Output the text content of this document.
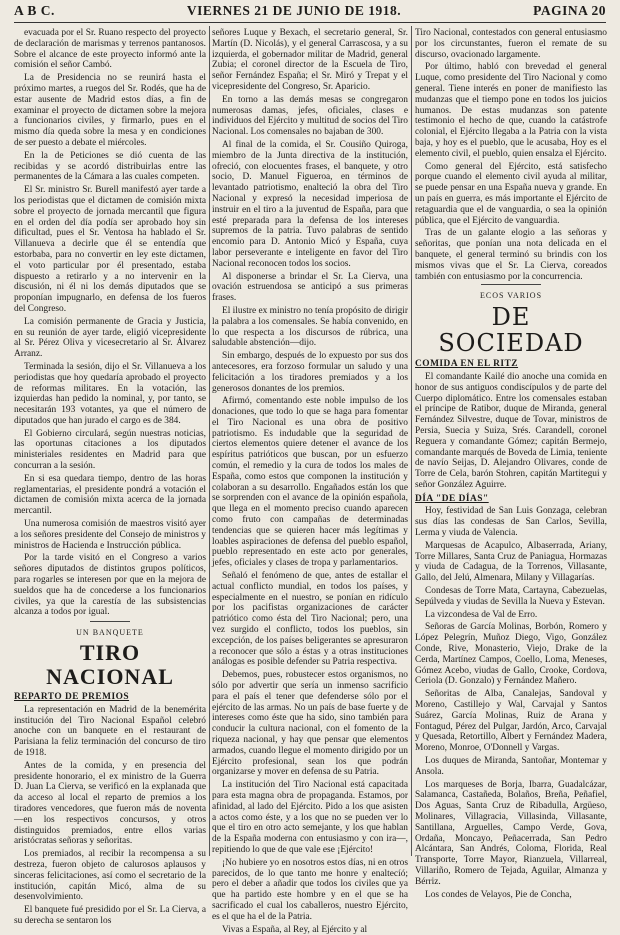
A B C.	VIERNES 21 DE JUNIO DE 1918.	PAGINA 20

evacuada por el Sr. Ruano respecto del proyecto de declaración de marismas y terrenos pantanosos. Sobre el alcance de este proyecto informó ante la comisión el señor Cambó.

La de Presidencia no se reunirá hasta el próximo martes, a ruegos del Sr. Rodés, que ha de estar ausente de Madrid estos días, a fin de examinar el proyecto de dictamen sobre la mejora a funcionarios civiles, y firmarlo, pues en el mismo día queda sobre la mesa y en condiciones de ser puesto a debate el miércoles.

En la de Peticiones se dió cuenta de las recibidas y se acordó distribuirlas entre las permanentes de la Cámara a las cuales competen.

El Sr. ministro Sr. Burell manifestó ayer tarde a los periodistas que el dictamen de comisión mixta sobre el proyecto de jornada mercantil que figura en el orden del día podía ser aprobado hoy sin dificultad, pues el Sr. Ventosa ha hablado el Sr. Villanueva a decirle que él se entendía que estorbaba, para no convertir en ley este dictamen, el voto particular por él presentado, estaba dispuesto a retirarlo y a no intervenir en la discusión, ni él ni los demás diputados que se proponían impugnarlo, en defensa de los fueros del Congreso.

La comisión permanente de Gracia y Justicia, en su reunión de ayer tarde, eligió vicepresidente al Sr. Pérez Oliva y vicesecretario al Sr. Álvarez Arranz.

Terminada la sesión, dijo el Sr. Villanueva a los periodistas que hoy quedaría aprobado el proyecto de reformas militares. En la votación, las izquierdas han pedido la nominal, y, por tanto, se necesitarán 193 votantes, ya que el número de diputados que han jurado el cargo es de 384.

El Gobierno circulará, según nuestras noticias, las oportunas citaciones a los diputados ministeriales residentes en Madrid para que concurran a la sesión.

En si esa quedara tiempo, dentro de las horas reglamentarias, el presidente pondrá a votación el dictamen de comisión mixta acerca de la jornada mercantil.

Una numerosa comisión de maestros visitó ayer a los señores presidente del Consejo de ministros y ministros de Hacienda e Instrucción pública.

Por la tarde visitó en el Congreso a varios señores diputados de distintos grupos políticos, para rogarles se interesen por que en la mejora de sueldos que ha de concederse a los funcionarios civiles, ya que la carestía de las subsistencias alcanza a todos por igual.

UN BANQUETE
TIRO NACIONAL
REPARTO DE PREMIOS

La representación en Madrid de la benemérita institución del Tiro Nacional Español celebró anoche con un banquete en el restaurant de Parisiana la feliz terminación del concurso de tiro de 1918.

Antes de la comida, y en presencia del presidente honorario, el ex ministro de la Guerra D. Juan La Cierva, se verificó en la explanada que da acceso al local el reparto de premios a los tiradores vencedores, que fueron más de noventa—en los respectivos concursos, y otros distinguidos premiados, entre ellos varias aristócratas señoras y señoritas.

Los premiados, al recibir la recompensa a su destreza, fueron objeto de calurosos aplausos y sinceras felicitaciones, así como el secretario de la institución, capitán Micó, alma de su desenvolvimiento.

El banquete fué presidido por el Sr. La Cierva, a su derecha se sentaron los

señores Luque y Bexach, el secretario general, Sr. Martín (D. Nicolás), y el general Carrascosa, y a su izquierda, el gobernador militar de Madrid, general Zubia; el coronel director de la Escuela de Tiro, señor Fernández España; el Sr. Miró y Trepat y el vicepresidente del Congreso, Sr. Aparicio.

En torno a las demás mesas se congregaron numerosas damas, jefes, oficiales, clases e individuos del Ejército y multitud de socios del Tiro Nacional. Los comensales no bajaban de 300.

Al final de la comida, el Sr. Cousiño Quiroga, miembro de la Junta directiva de la institución, ofreció, con elocuentes frases, el banquete, y otro socio, D. Manuel Figueroa, en términos de levantado patriotismo, enalteció la obra del Tiro Nacional y expresó la necesidad imperiosa de instruir en el tiro a la juventud de España, para que esté preparada para la defensa de los intereses supremos de la patria. Tuvo palabras de sentido encomio para D. Antonio Micó y España, cuya labor perseverante e inteligente en favor del Tiro Nacional reconocen todos los socios.

Al disponerse a brindar el Sr. La Cierva, una ovación estruendosa se anticipó a sus primeras frases.

El ilustre ex ministro no tenía propósito de dirigir la palabra a los comensales. Se había convenido, en lo que respecta a los discursos de rúbrica, una saludable abstención—dijo.

Sin embargo, después de lo expuesto por sus dos antecesores, era forzoso formular un saludo y una felicitación a los tiradores premiados y a los generosos donantes de los premios.

Afirmó, comentando este noble impulso de los donaciones, que todo lo que se haga para fomentar el Tiro Nacional es una obra de positivo patriotismo. Es indudable que la seguridad de ciertos elementos quiere detener el avance de los espíritus patrióticos que buscan, por un esfuerzo común, el remedio y la cura de todos los males de España, como estos que componen la institución y colaboran a su desarrollo. Engañados están los que se sorprenden con el avance de la opinión española, que llega en el momento preciso cuando aparecen como fruto con campañas de determinadas tendencias que se quieren hacer más legítimas y loables aspiraciones de defensa del pueblo español, pueblo representado en este acto por generales, jefes, oficiales y clases de tropa y parlamentarios.

Señaló el fenómeno de que, antes de estallar el actual conflicto mundial, en todos los países, y especialmente en el nuestro, se ponían en ridículo por los pacifistas organizaciones de carácter patriótico como ésta del Tiro Nacional; pero, una vez surgido el conflicto, todos los pueblos, sin excepción, de los países beligerantes se apresuraron a reconocer que sólo a éstas y a otras instituciones análogas es posible defender su Patria respectiva.

Debemos, pues, robustecer estos organismos, no sólo por advertir que sería un inmenso sacrificio para el país el tener que defenderse sólo por el ejército de las armas. No un país de base fuerte y de intereses como éste que ha sido, sino también para conducir la cultura nacional, con el fomento de la riqueza nacional, y hay que pensar que elementos armados, cuando llegue el momento dirigido por un Ejército profesional, sean los que podrán organizarse y mover en defensa de su Patria.

La institución del Tiro Nacional está capacitada para esta magna obra de propaganda. Estamos, por afinidad, al lado del Ejército. Pido a los que asisten a actos como éste, y a los que no se pueden ver lo que el tiro en otro acto semejante, y los que hablan de la España moderna con entusiasmo y con ira—, repitiendo lo que de que vale ese ¡Ejército!

¡No hubiere yo en nosotros estos días, ni en otros parecidos, de lo que tanto me honre y enaltecíó; pero el deber a añadir que todos los civiles que ya que ha partido este hombre y en el que se ha sacrificado el cual los caballeros, nuestro Ejército, es el que ha el de la Patria.

Vivas a España, al Rey, al Ejército y al

Tiro Nacional, contestados con general entusiasmo por los circunstantes, fueron el remate de su discurso, ovacionado largamente.

Por último, habló con brevedad el general Luque, como presidente del Tiro Nacional y como general. Tiene interés en poner de manifiesto las mudanzas que el tiempo pone en todos los juicios humanos. De estas mudanzas son patente testimonio el hecho de que, cuando la catástrofe colonial, el Ejército llegaba a la Patria con la vista baja, y hoy es el pueblo, que le acusaba, Hoy es el elemento civil, el pueblo, quien ensalza el Ejército.

Como general del Ejército, está satisfecho porque cuando el elemento civil ayuda al militar, se puede pensar en una España nueva y grande. En un país en guerra, es más importante el Ejército de retaguardia que el de vanguardia, o sea la opinión pública, que el Ejército de vanguardia.

Tras de un galante elogio a las señoras y señoritas, que ponían una nota delicada en el banquete, el general terminó su brindis con los mismos vivas que el Sr. La Cierva, coreados también con entusiasmo por la concurrencia.

ECOS VARIOS
DE SOCIEDAD
COMIDA EN EL RITZ

El comandante Kailé dio anoche una comida en honor de sus antiguos condiscípulos y de parte del Cuerpo diplomático. Entre los comensales estaban el príncipe de Ratibor, duque de Miranda, general Fernández Silvestre, duque de Tovar, ministros de Persia, Suecia y Suiza, Srés. Carandell, coronel Reguera y comandante Gómez; capitán Bermejo, comandante marqués de Boveda de Limia, teniente de navío Seijas, D. Alejandro Olivares, conde de Torre de Cela, barón Stohren, capitán Martitegui y señor González Aguirre.

DÍA "DE DÍAS"

Hoy, festividad de San Luis Gonzaga, celebran sus días las condesas de San Carlos, Sevilla, Lerma y viuda de Valencia.

Marquesas de Acapulco, Albaserrada, Ariany, Torre Millares, Santa Cruz de Paniagua, Hormazas y viuda de Cadagua, de la Torrenos, Villasante, Gallo, del Jelú, Almenara, Milany y Villagarías.

Condesas de Torre Mata, Cartayna, Cabezuelas, Sepúlveda y viudas de Sevilla la Nueva y Estevan.

La vizcondesa de Val de Erro.

Señoras de García Molinas, Borbón, Romero y López Pelegrín, Muñoz Diego, Vigo, González Conde, Rive, Monasterio, Viejo, Drake de la Cerda, Martínez Campos, Coello, Loma, Meneses, Gómez Acebo, viudas de Gallo, Crooke, Cordova, Ceriola (D. Gonzalo) y Fernández Mañero.

Señoritas de Alba, Canalejas, Sandoval y Moreno, Castillejo y Wal, Carvajal y Santos Suárez, García Molinas, Ruiz de Arana y Fontagud, Pérez del Pulgar, Jardón, Arco, Carvajal y Quesada, Retortillo, Albert y Fernández Madera, Moreno, Monroe, O'Donnell y Vargas.

Los duques de Miranda, Santoñar, Montemar y Ansola.

Los marqueses de Borja, Ibarra, Guadalcázar, Salamanca, Castañeda, Bolaños, Breña, Peñafiel, Dos Aguas, Santa Cruz de Ribadulla, Argüeso, Molinares, Villagracia, Villasinda, Villasante, Santillana, Arguelles, Campo Verde, Gova, Ordaña, Moncayo, Peñacerrada, San Pedro Alcántara, San Andrés, Coloma, Florida, Real Transporte, Torre Mayor, Rianzuela, Villarreal, Villariño, Romero de Tejada, Aguilar, Almanza y Bérriz.

Los condes de Velayos, Pie de Concha,
